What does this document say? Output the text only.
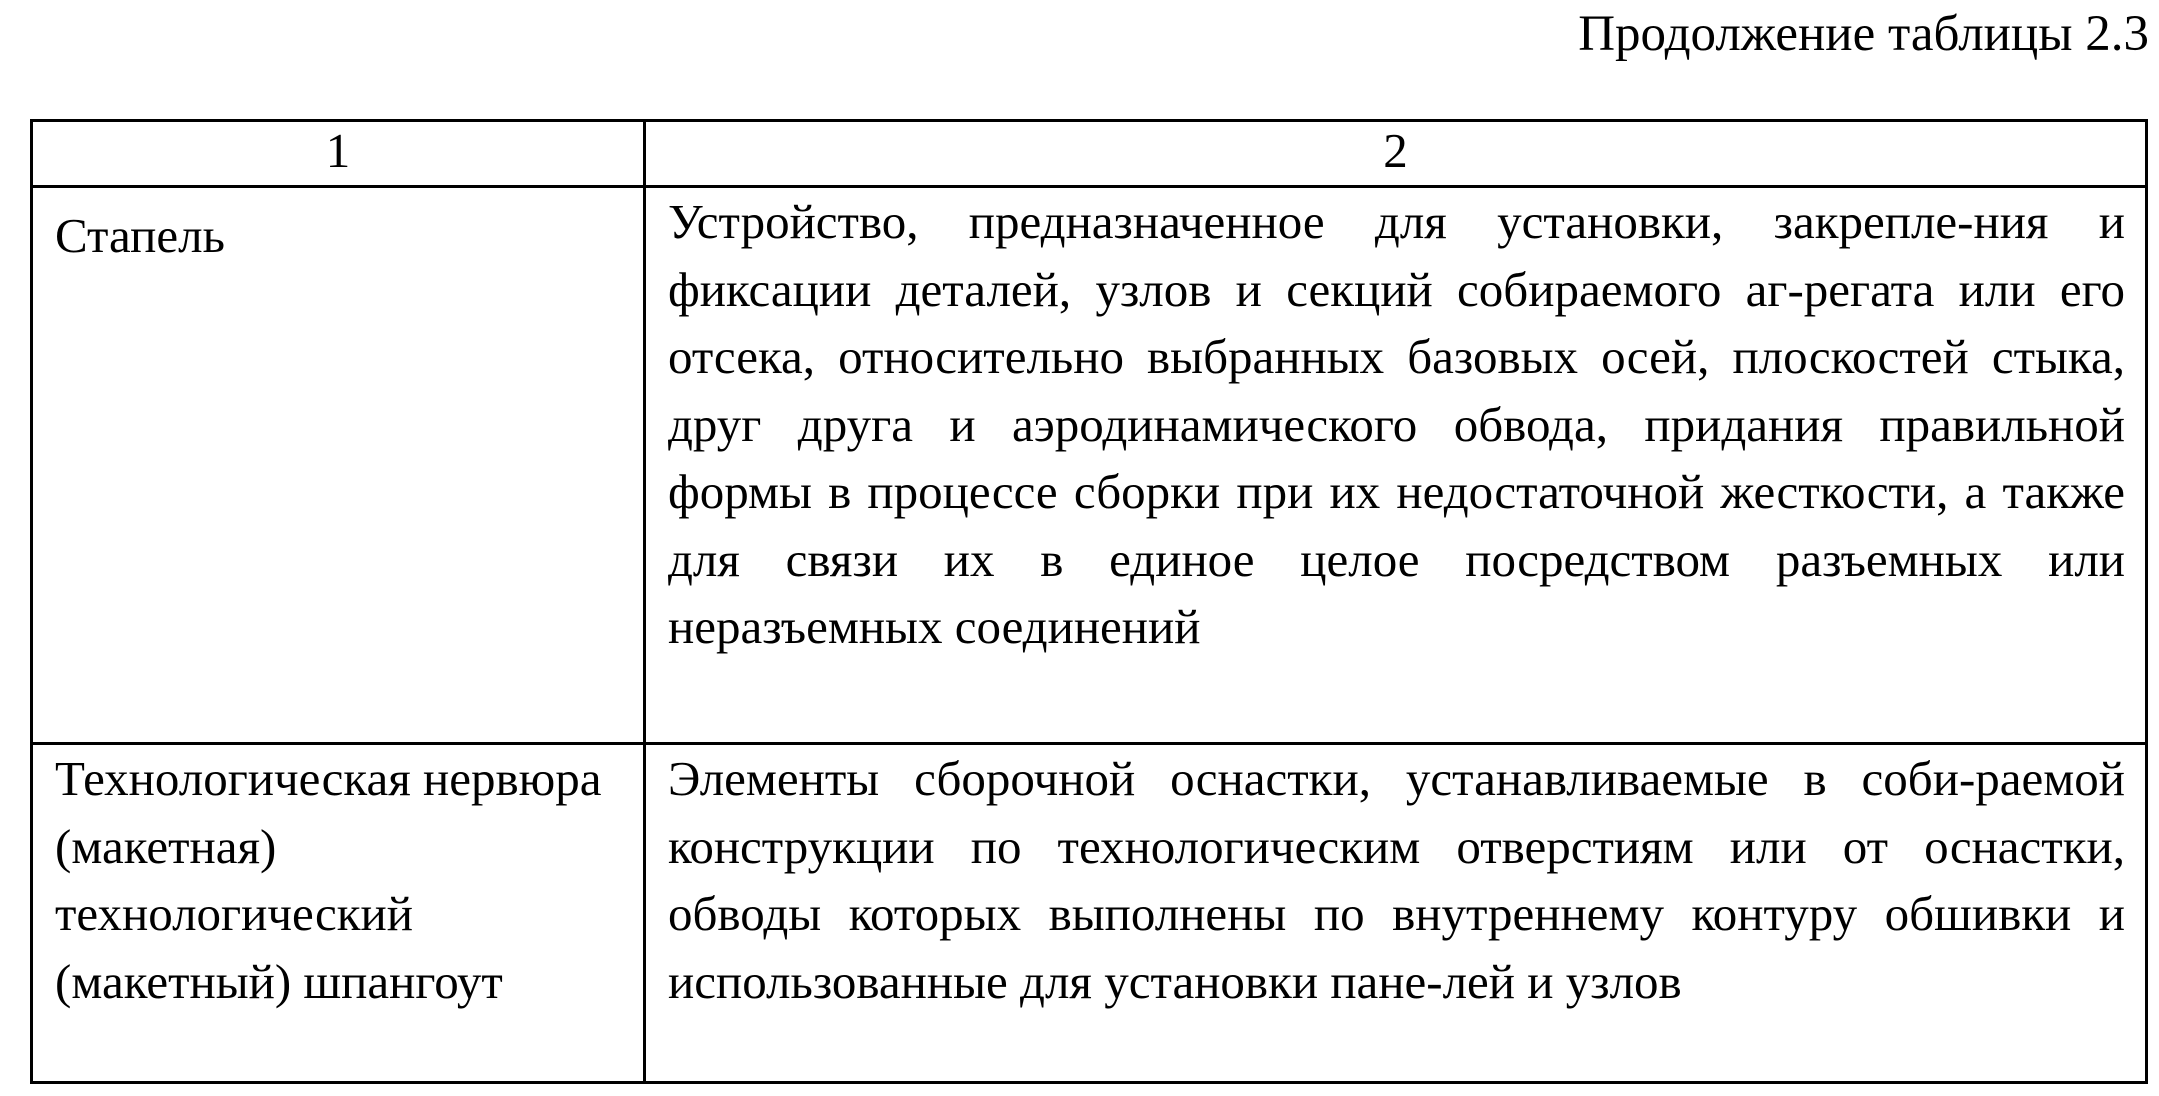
Продолжение таблицы 2.3
1	2
Стапель	Устройство, предназначенное для установки, закрепле-ния и фиксации деталей, узлов и секций собираемого аг-регата или его отсека, относительно выбранных базовых осей, плоскостей стыка, друг друга и аэродинамического обвода, придания правильной формы в процессе сборки при их недостаточной жесткости, а также для связи их в единое целое посредством разъемных или неразъемных соединений
Технологическая нервюра (макетная) технологический (макетный) шпангоут	Элементы сборочной оснастки, устанавливаемые в соби-раемой конструкции по технологическим отверстиям или от оснастки, обводы которых выполнены по внутреннему контуру обшивки и использованные для установки пане-лей и узлов
